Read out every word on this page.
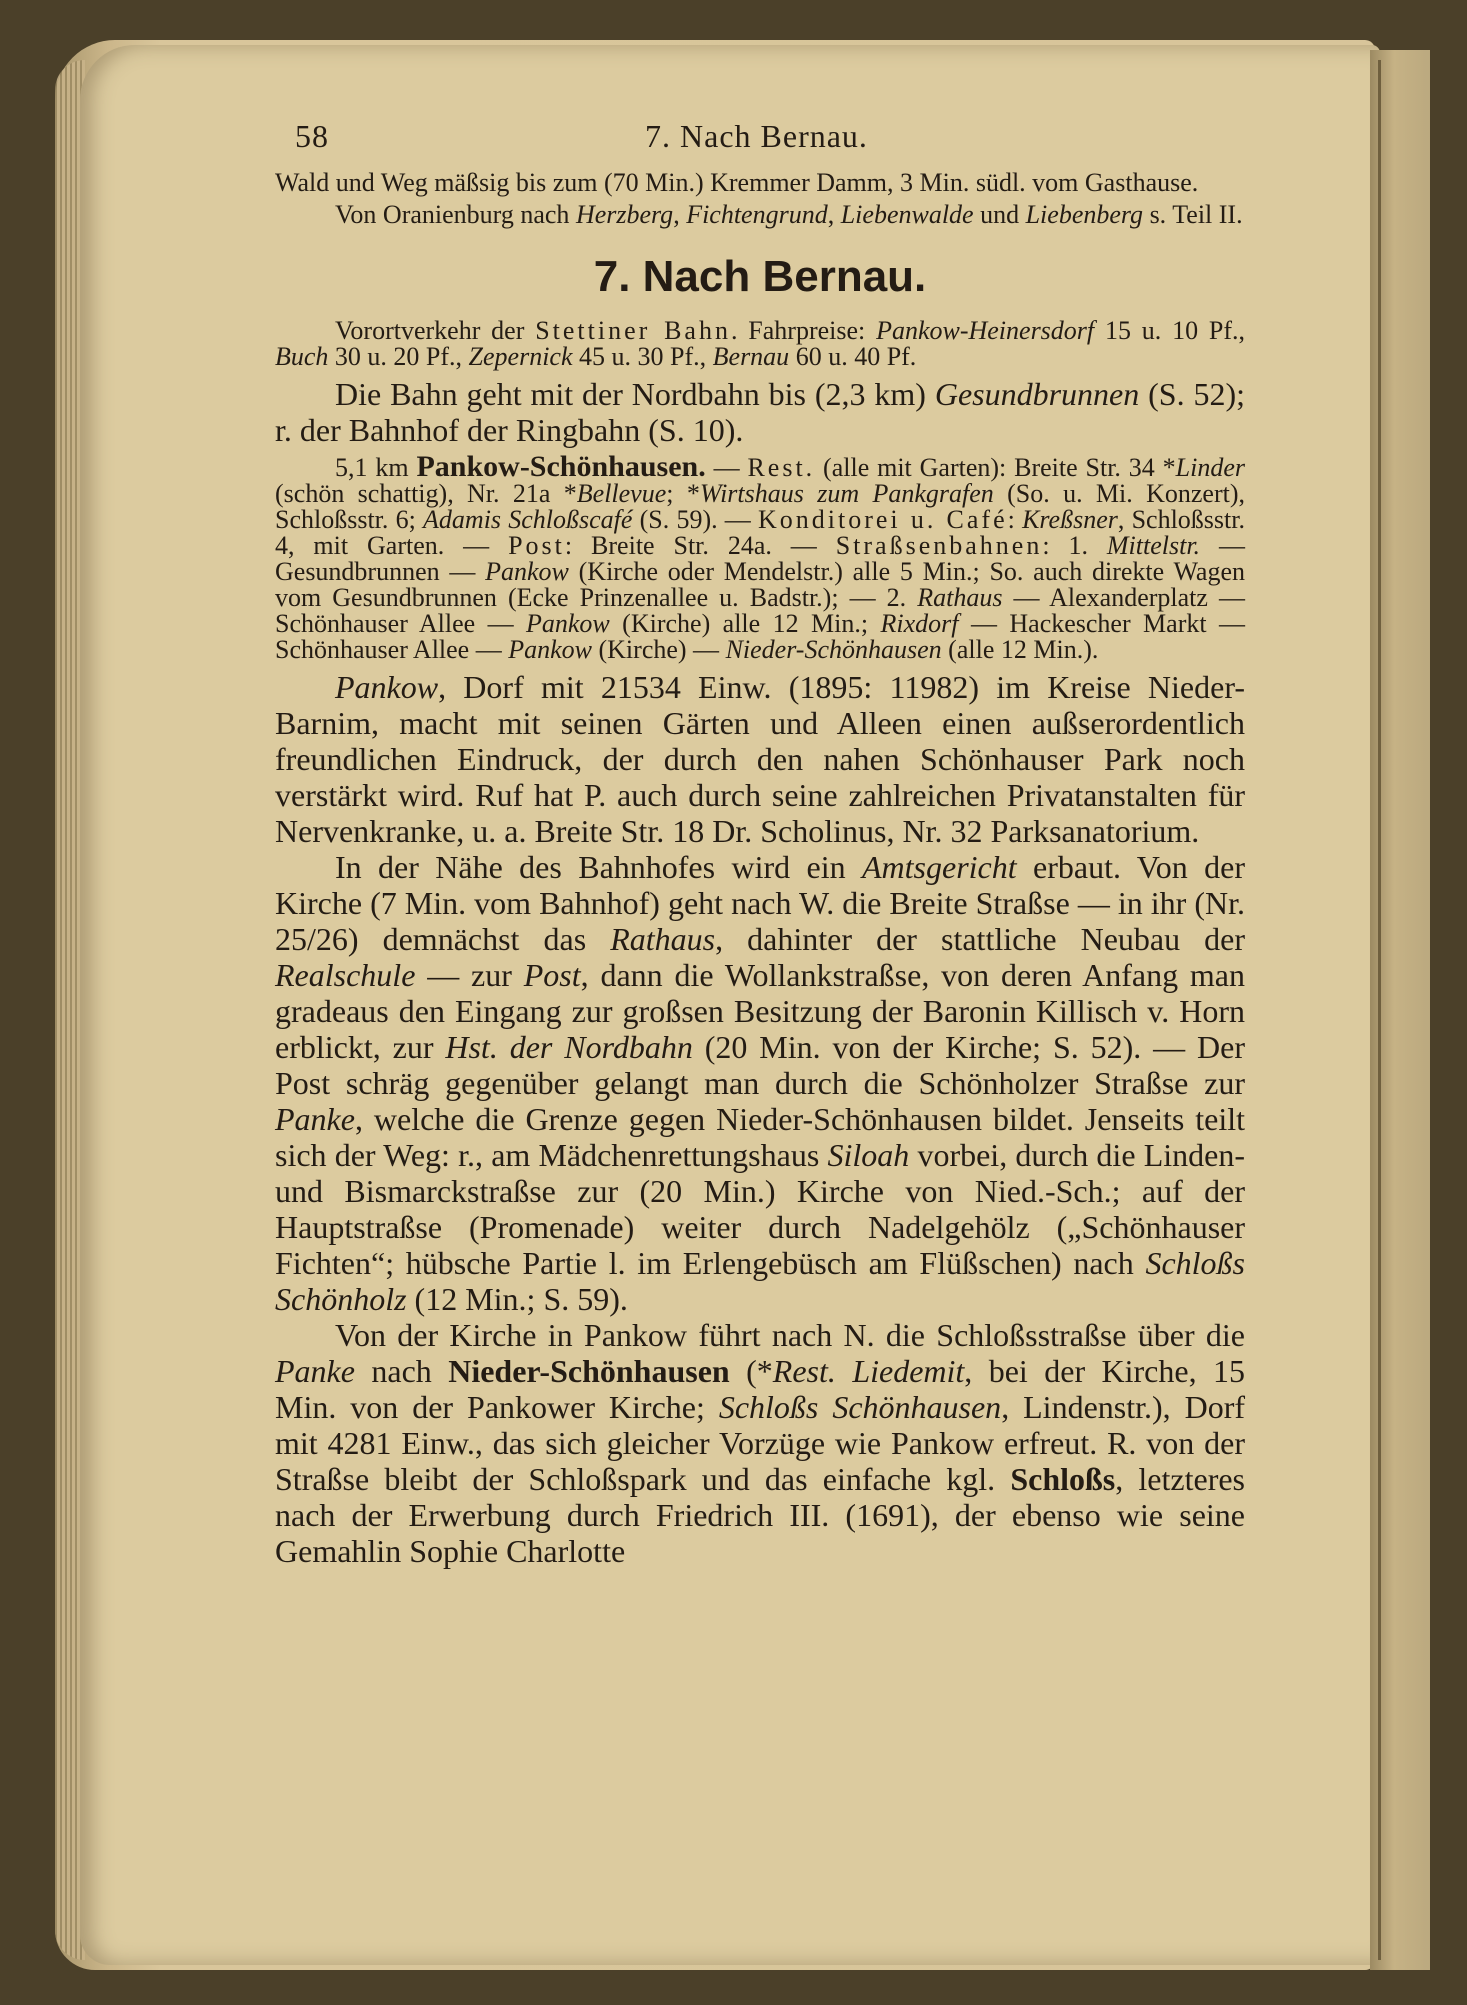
58	7. Nach Bernau.

Wald und Weg mäßsig bis zum (70 Min.) Kremmer Damm, 3 Min. südl. vom Gasthause.

Von Oranienburg nach Herzberg, Fichtengrund, Liebenwalde und Liebenberg s. Teil II.

7. Nach Bernau.

Vorortverkehr der Stettiner Bahn. Fahrpreise: Pankow-Heinersdorf 15 u. 10 Pf., Buch 30 u. 20 Pf., Zepernick 45 u. 30 Pf., Bernau 60 u. 40 Pf.

Die Bahn geht mit der Nordbahn bis (2,3 km) Gesundbrunnen (S. 52); r. der Bahnhof der Ringbahn (S. 10).

5,1 km Pankow-Schönhausen. — Rest. (alle mit Garten): Breite Str. 34 *Linder (schön schattig), Nr. 21a *Bellevue; *Wirtshaus zum Pankgrafen (So. u. Mi. Konzert), Schloßsstr. 6; Adamis Schloßscafé (S. 59). — Konditorei u. Café: Kreßsner, Schloßsstr. 4, mit Garten. — Post: Breite Str. 24a. — Straßsenbahnen: 1. Mittelstr. — Gesundbrunnen — Pankow (Kirche oder Mendelstr.) alle 5 Min.; So. auch direkte Wagen vom Gesundbrunnen (Ecke Prinzenallee u. Badstr.); — 2. Rathaus — Alexanderplatz — Schönhauser Allee — Pankow (Kirche) alle 12 Min.; Rixdorf — Hackescher Markt — Schönhauser Allee — Pankow (Kirche) — Nieder-Schönhausen (alle 12 Min.).

Pankow, Dorf mit 21534 Einw. (1895: 11982) im Kreise Nieder-Barnim, macht mit seinen Gärten und Alleen einen außserordentlich freundlichen Eindruck, der durch den nahen Schönhauser Park noch verstärkt wird. Ruf hat P. auch durch seine zahlreichen Privatanstalten für Nervenkranke, u. a. Breite Str. 18 Dr. Scholinus, Nr. 32 Parksanatorium.

In der Nähe des Bahnhofes wird ein Amtsgericht erbaut. Von der Kirche (7 Min. vom Bahnhof) geht nach W. die Breite Straßse — in ihr (Nr. 25/26) demnächst das Rathaus, dahinter der stattliche Neubau der Realschule — zur Post, dann die Wollankstraßse, von deren Anfang man gradeaus den Eingang zur großsen Besitzung der Baronin Killisch v. Horn erblickt, zur Hst. der Nordbahn (20 Min. von der Kirche; S. 52). — Der Post schräg gegenüber gelangt man durch die Schönholzer Straßse zur Panke, welche die Grenze gegen Nieder-Schönhausen bildet. Jenseits teilt sich der Weg: r., am Mädchenrettungshaus Siloah vorbei, durch die Linden- und Bismarckstraßse zur (20 Min.) Kirche von Nied.-Sch.; auf der Hauptstraßse (Promenade) weiter durch Nadelgehölz („Schönhauser Fichten“; hübsche Partie l. im Erlengebüsch am Flüßschen) nach Schloßs Schönholz (12 Min.; S. 59).

Von der Kirche in Pankow führt nach N. die Schloßsstraßse über die Panke nach Nieder-Schönhausen (*Rest. Liedemit, bei der Kirche, 15 Min. von der Pankower Kirche; Schloßs Schönhausen, Lindenstr.), Dorf mit 4281 Einw., das sich gleicher Vorzüge wie Pankow erfreut. R. von der Straßse bleibt der Schloßspark und das einfache kgl. Schloßs, letzteres nach der Erwerbung durch Friedrich III. (1691), der ebenso wie seine Gemahlin Sophie Charlotte
